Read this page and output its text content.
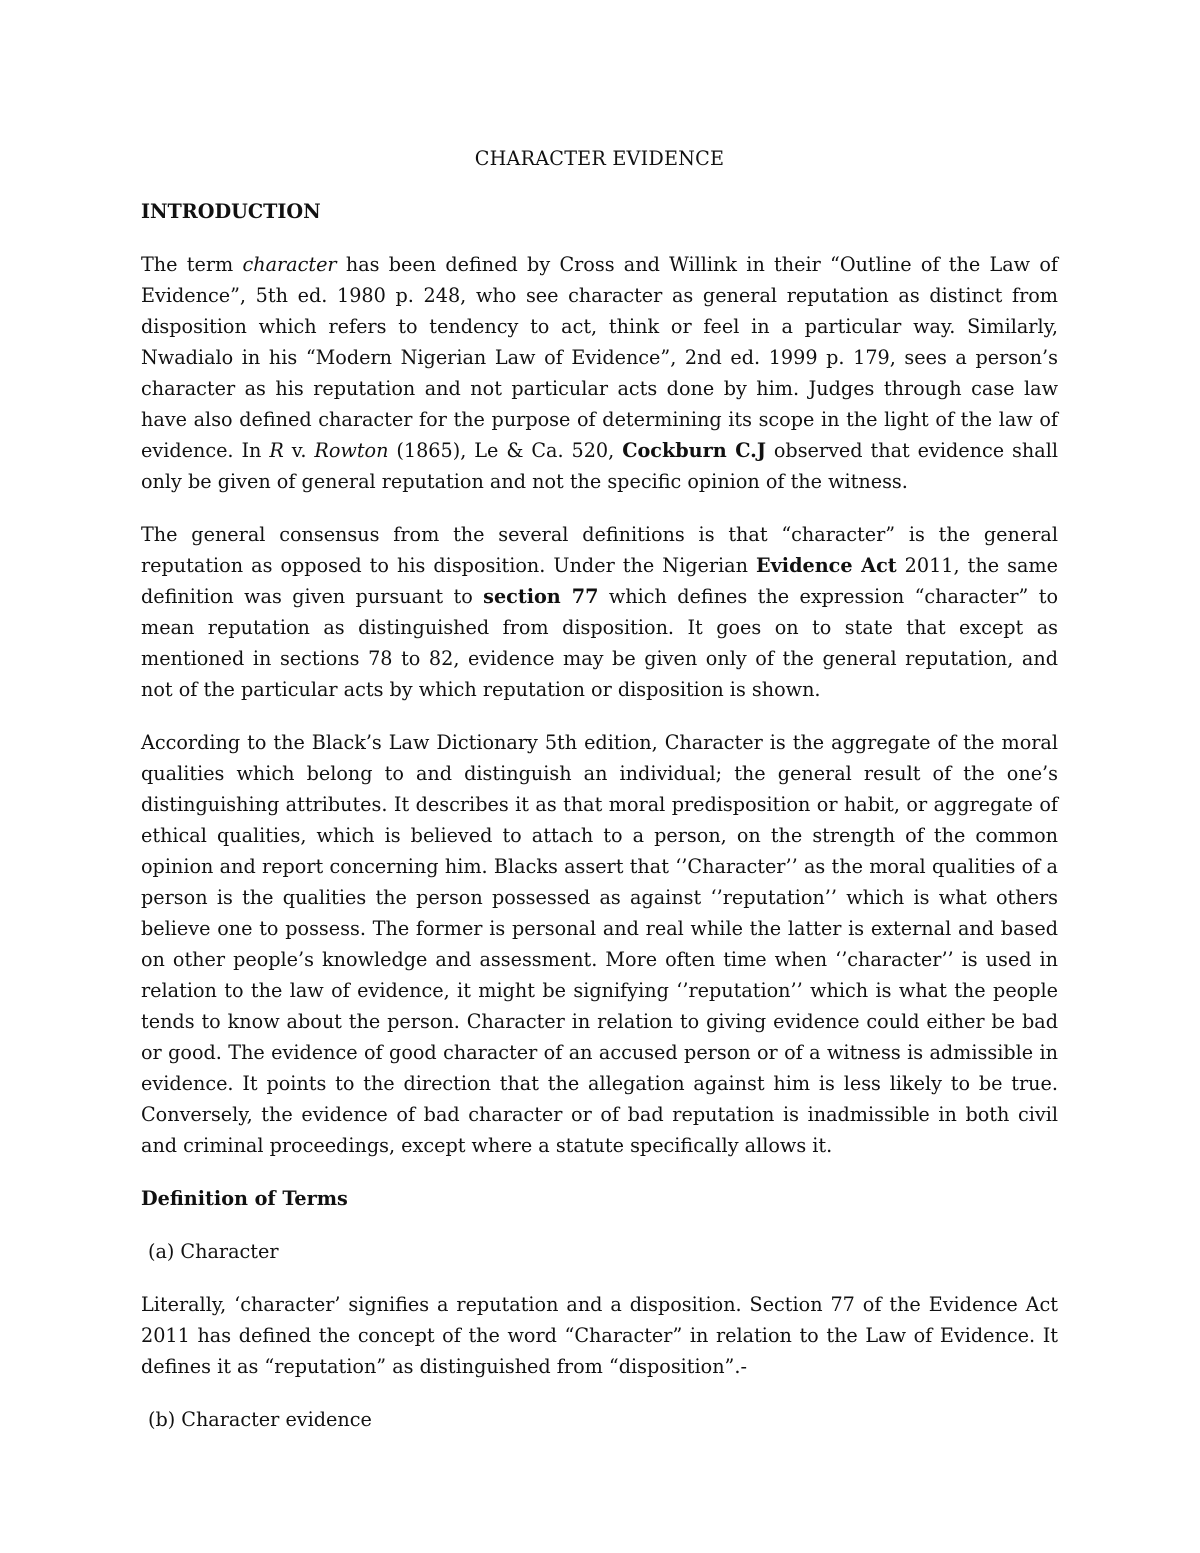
CHARACTER EVIDENCE
INTRODUCTION

The term character has been defined by Cross and Willink in their “Outline of the Law of Evidence”, 5th ed. 1980 p. 248, who see character as general reputation as distinct from disposition which refers to tendency to act, think or feel in a particular way. Similarly, Nwadialo in his “Modern Nigerian Law of Evidence”, 2nd ed. 1999 p. 179, sees a person’s character as his reputation and not particular acts done by him. Judges through case law have also defined character for the purpose of determining its scope in the light of the law of evidence. In R v. Rowton (1865), Le & Ca. 520, Cockburn C.J observed that evidence shall only be given of general reputation and not the specific opinion of the witness.

The general consensus from the several definitions is that “character” is the general reputation as opposed to his disposition. Under the Nigerian Evidence Act 2011, the same definition was given pursuant to section 77 which defines the expression “character” to mean reputation as distinguished from disposition. It goes on to state that except as mentioned in sections 78 to 82, evidence may be given only of the general reputation, and not of the particular acts by which reputation or disposition is shown.

According to the Black’s Law Dictionary 5th edition, Character is the aggregate of the moral qualities which belong to and distinguish an individual; the general result of the one’s distinguishing attributes. It describes it as that moral predisposition or habit, or aggregate of ethical qualities, which is believed to attach to a person, on the strength of the common opinion and report concerning him. Blacks assert that ‘’Character’’ as the moral qualities of a person is the qualities the person possessed as against ‘’reputation’’ which is what others believe one to possess. The former is personal and real while the latter is external and based on other people’s knowledge and assessment. More often time when ‘’character’’ is used in relation to the law of evidence, it might be signifying ‘’reputation’’ which is what the people tends to know about the person. Character in relation to giving evidence could either be bad or good. The evidence of good character of an accused person or of a witness is admissible in evidence. It points to the direction that the allegation against him is less likely to be true. Conversely, the evidence of bad character or of bad reputation is inadmissible in both civil and criminal proceedings, except where a statute specifically allows it.

Definition of Terms
(a) Character

Literally, ‘character’ signifies a reputation and a disposition. Section 77 of the Evidence Act 2011 has defined the concept of the word “Character” in relation to the Law of Evidence. It defines it as “reputation” as distinguished from “disposition”.-

(b) Character evidence
